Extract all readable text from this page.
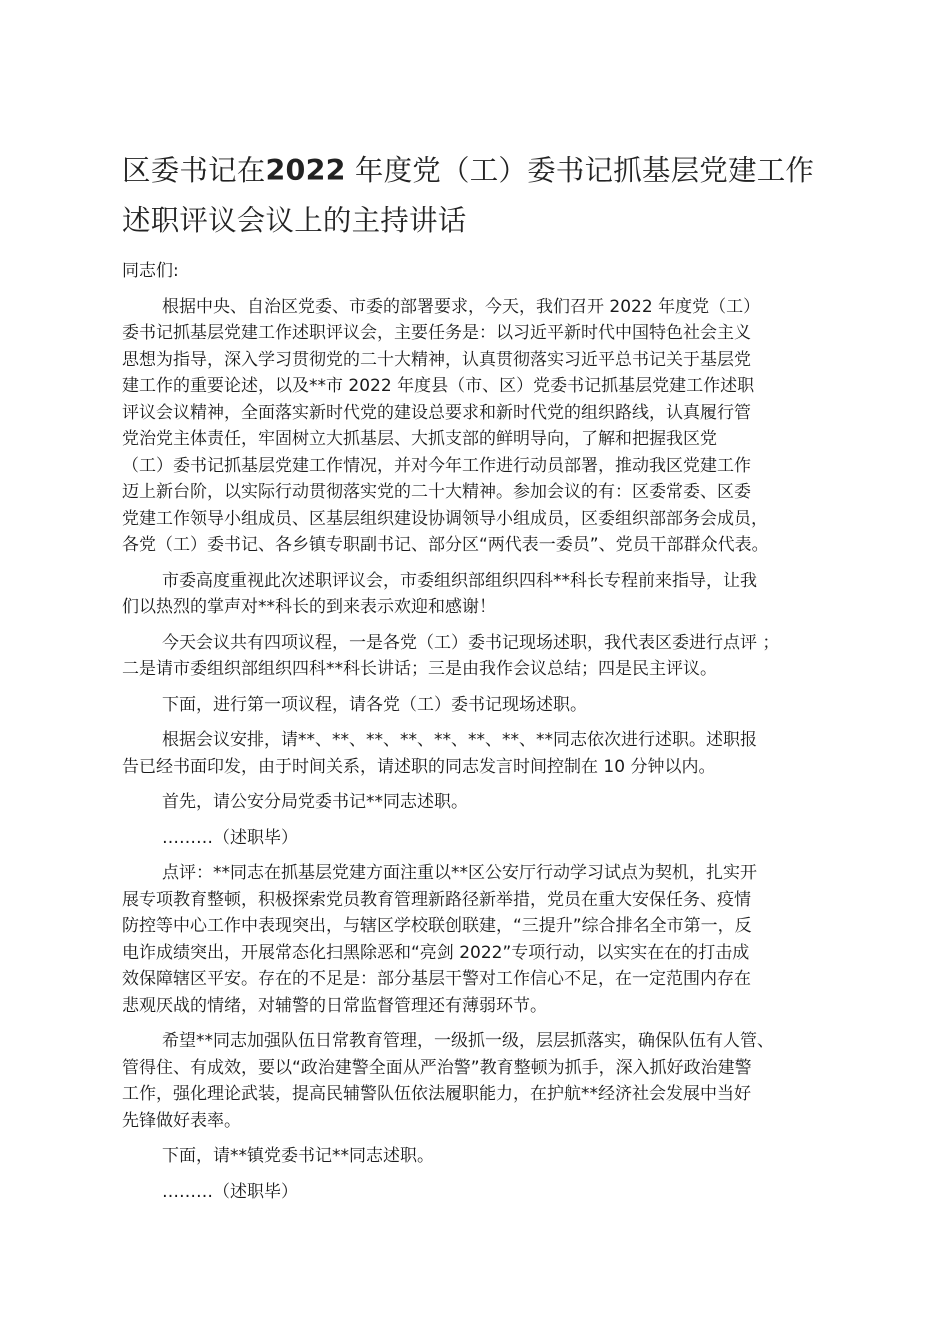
区委书记在2022 年度党（工）委书记抓基层党建工作
述职评议会议上的主持讲话
同志们:
根据中央、自治区党委、市委的部署要求，今天，我们召开 2022 年度党（工）
委书记抓基层党建工作述职评议会，主要任务是：以习近平新时代中国特色社会主义
思想为指导，深入学习贯彻党的二十大精神，认真贯彻落实习近平总书记关于基层党
建工作的重要论述，以及**市 2022 年度县（市、区）党委书记抓基层党建工作述职
评议会议精神，全面落实新时代党的建设总要求和新时代党的组织路线，认真履行管
党治党主体责任，牢固树立大抓基层、大抓支部的鲜明导向，了解和把握我区党
（工）委书记抓基层党建工作情况，并对今年工作进行动员部署，推动我区党建工作
迈上新台阶，以实际行动贯彻落实党的二十大精神。参加会议的有：区委常委、区委
党建工作领导小组成员、区基层组织建设协调领导小组成员，区委组织部部务会成员，
各党（工）委书记、各乡镇专职副书记、部分区“两代表一委员”、党员干部群众代表。
市委高度重视此次述职评议会，市委组织部组织四科**科长专程前来指导，让我
们以热烈的掌声对**科长的到来表示欢迎和感谢！
今天会议共有四项议程，一是各党（工）委书记现场述职，我代表区委进行点评 ；
二是请市委组织部组织四科**科长讲话；三是由我作会议总结；四是民主评议。
下面，进行第一项议程，请各党（工）委书记现场述职。
根据会议安排，请**、**、**、**、**、**、**、**同志依次进行述职。述职报
告已经书面印发，由于时间关系，请述职的同志发言时间控制在 10 分钟以内。
首先，请公安分局党委书记**同志述职。
………（述职毕）
点评：**同志在抓基层党建方面注重以**区公安厅行动学习试点为契机，扎实开
展专项教育整顿，积极探索党员教育管理新路径新举措，党员在重大安保任务、疫情
防控等中心工作中表现突出，与辖区学校联创联建，“三提升”综合排名全市第一，反
电诈成绩突出，开展常态化扫黑除恶和“亮剑 2022”专项行动，以实实在在的打击成
效保障辖区平安。存在的不足是：部分基层干警对工作信心不足，在一定范围内存在
悲观厌战的情绪，对辅警的日常监督管理还有薄弱环节。
希望**同志加强队伍日常教育管理，一级抓一级，层层抓落实，确保队伍有人管、
管得住、有成效，要以“政治建警全面从严治警”教育整顿为抓手，深入抓好政治建警
工作，强化理论武装，提高民辅警队伍依法履职能力，在护航**经济社会发展中当好
先锋做好表率。
下面，请**镇党委书记**同志述职。
………（述职毕）
